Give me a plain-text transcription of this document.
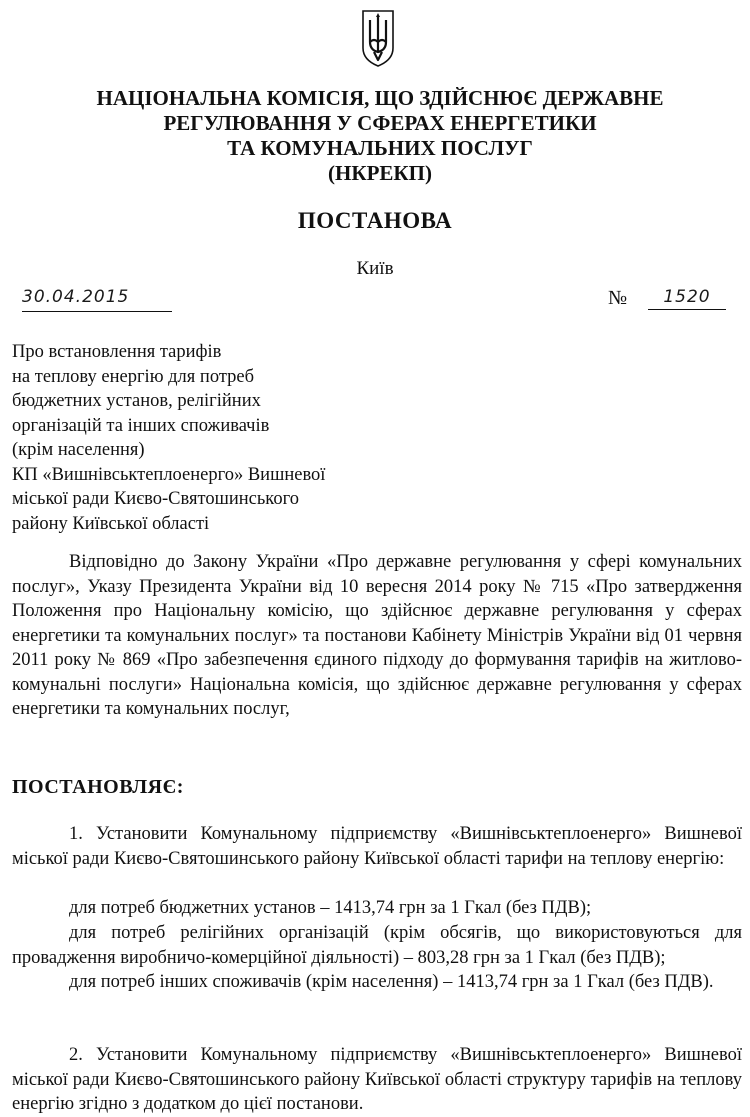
НАЦІОНАЛЬНА КОМІСІЯ, ЩО ЗДІЙСНЮЄ ДЕРЖАВНЕ
РЕГУЛЮВАННЯ У СФЕРАХ ЕНЕРГЕТИКИ
ТА КОМУНАЛЬНИХ ПОСЛУГ
(НКРЕКП)
ПОСТАНОВА
Київ
30.04.2015	№	1520
Про встановлення тарифів
на теплову енергію для потреб
бюджетних установ, релігійних
організацій та інших споживачів
(крім населення)
КП «Вишнівськтеплоенерго» Вишневої
міської ради Києво-Святошинського
району Київської області
Відповідно до Закону України «Про державне регулювання у сфері комунальних послуг», Указу Президента України від 10 вересня 2014 року № 715 «Про затвердження Положення про Національну комісію, що здійснює державне регулювання у сферах енергетики та комунальних послуг» та постанови Кабінету Міністрів України від 01 червня 2011 року № 869 «Про забезпечення єдиного підходу до формування тарифів на житлово-комунальні послуги» Національна комісія, що здійснює державне регулювання у сферах енергетики та комунальних послуг,
ПОСТАНОВЛЯЄ:
1. Установити Комунальному підприємству «Вишнівськтеплоенерго» Вишневої міської ради Києво-Святошинського району Київської області тарифи на теплову енергію:
для потреб бюджетних установ – 1413,74 грн за 1 Гкал (без ПДВ);
для потреб релігійних організацій (крім обсягів, що використовуються для провадження виробничо-комерційної діяльності) – 803,28 грн за 1 Гкал (без ПДВ);
для потреб інших споживачів (крім населення) – 1413,74 грн за 1 Гкал (без ПДВ).
2. Установити Комунальному підприємству «Вишнівськтеплоенерго» Вишневої міської ради Києво-Святошинського району Київської області структуру тарифів на теплову енергію згідно з додатком до цієї постанови.
